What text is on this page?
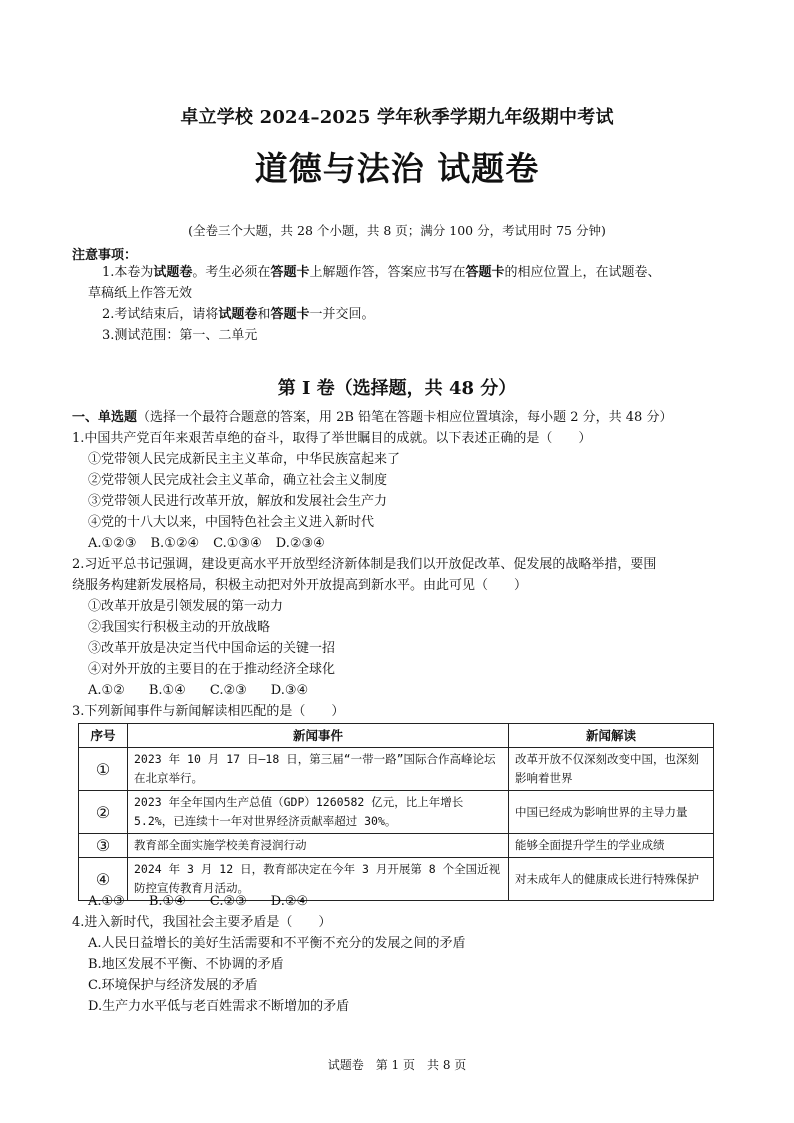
卓立学校 2024–2025 学年秋季学期九年级期中考试
道德与法治 试题卷
(全卷三个大题，共 28 个小题，共 8 页；满分 100 分，考试用时 75 分钟)
注意事项：
1.本卷为试题卷。考生必须在答题卡上解题作答，答案应书写在答题卡的相应位置上，在试题卷、
草稿纸上作答无效
2.考试结束后，请将试题卷和答题卡一并交回。
3.测试范围：第一、二单元
第 I 卷（选择题，共 48 分）
一、单选题（选择一个最符合题意的答案，用 2B 铅笔在答题卡相应位置填涂，每小题 2 分，共 48 分）
1.中国共产党百年来艰苦卓绝的奋斗，取得了举世瞩目的成就。以下表述正确的是（　　）
①党带领人民完成新民主主义革命，中华民族富起来了
②党带领人民完成社会主义革命，确立社会主义制度
③党带领人民进行改革开放，解放和发展社会生产力
④党的十八大以来，中国特色社会主义进入新时代
A.①②③ B.①②④ C.①③④ D.②③④
2.习近平总书记强调，建设更高水平开放型经济新体制是我们以开放促改革、促发展的战略举措，要围
绕服务构建新发展格局，积极主动把对外开放提高到新水平。由此可见（　　）
①改革开放是引领发展的第一动力
②我国实行积极主动的开放战略
③改革开放是决定当代中国命运的关键一招
④对外开放的主要目的在于推动经济全球化
A.①② B.①④ C.②③ D.③④
3.下列新闻事件与新闻解读相匹配的是（　　）
序号	新闻事件	新闻解读
①	2023 年 10 月 17 日—18 日，第三届“一带一路”国际合作高峰论坛在北京举行。	改革开放不仅深刻改变中国，也深刻影响着世界
②	2023 年全年国内生产总值（GDP）1260582 亿元，比上年增长 5.2%，已连续十一年对世界经济贡献率超过 30%。	中国已经成为影响世界的主导力量
③	教育部全面实施学校美育浸润行动	能够全面提升学生的学业成绩
④	2024 年 3 月 12 日，教育部决定在今年 3 月开展第 8 个全国近视防控宣传教育月活动。	对未成年人的健康成长进行特殊保护
A.①③ B.①④ C.②③ D.②④
4.进入新时代，我国社会主要矛盾是（　　）
A.人民日益增长的美好生活需要和不平衡不充分的发展之间的矛盾
B.地区发展不平衡、不协调的矛盾
C.环境保护与经济发展的矛盾
D.生产力水平低与老百姓需求不断增加的矛盾
试题卷　第 1 页　共 8 页
